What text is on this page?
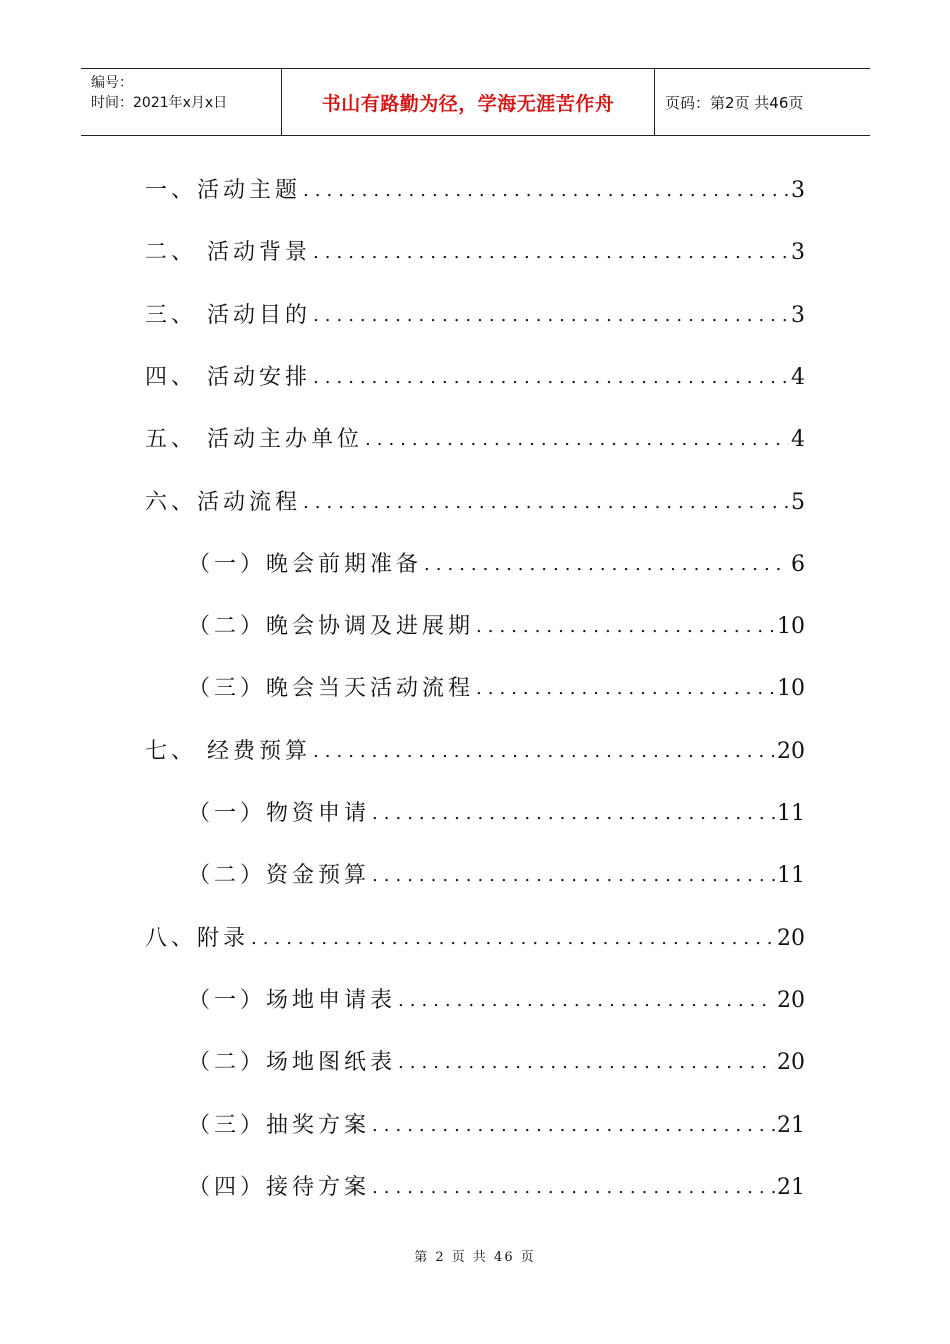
编号：
时间：2021年x月x日	书山有路勤为径，学海无涯苦作舟	页码：第2页 共46页
一、活动主题 .....	3
二、 活动背景 .....	3
三、 活动目的 .....	3
四、 活动安排 .....	4
五、 活动主办单位 .....	4
六、活动流程 .....	5
（一）晚会前期准备 .....	6
（二）晚会协调及进展期 .....	10
（三）晚会当天活动流程 .....	10
七、 经费预算 .....	20
（一）物资申请 .....	11
（二）资金预算 .....	11
八、附录 .....	20
（一）场地申请表 .....	20
（二）场地图纸表 .....	20
（三）抽奖方案 .....	21
（四）接待方案 .....	21
第 2 页 共 46 页
